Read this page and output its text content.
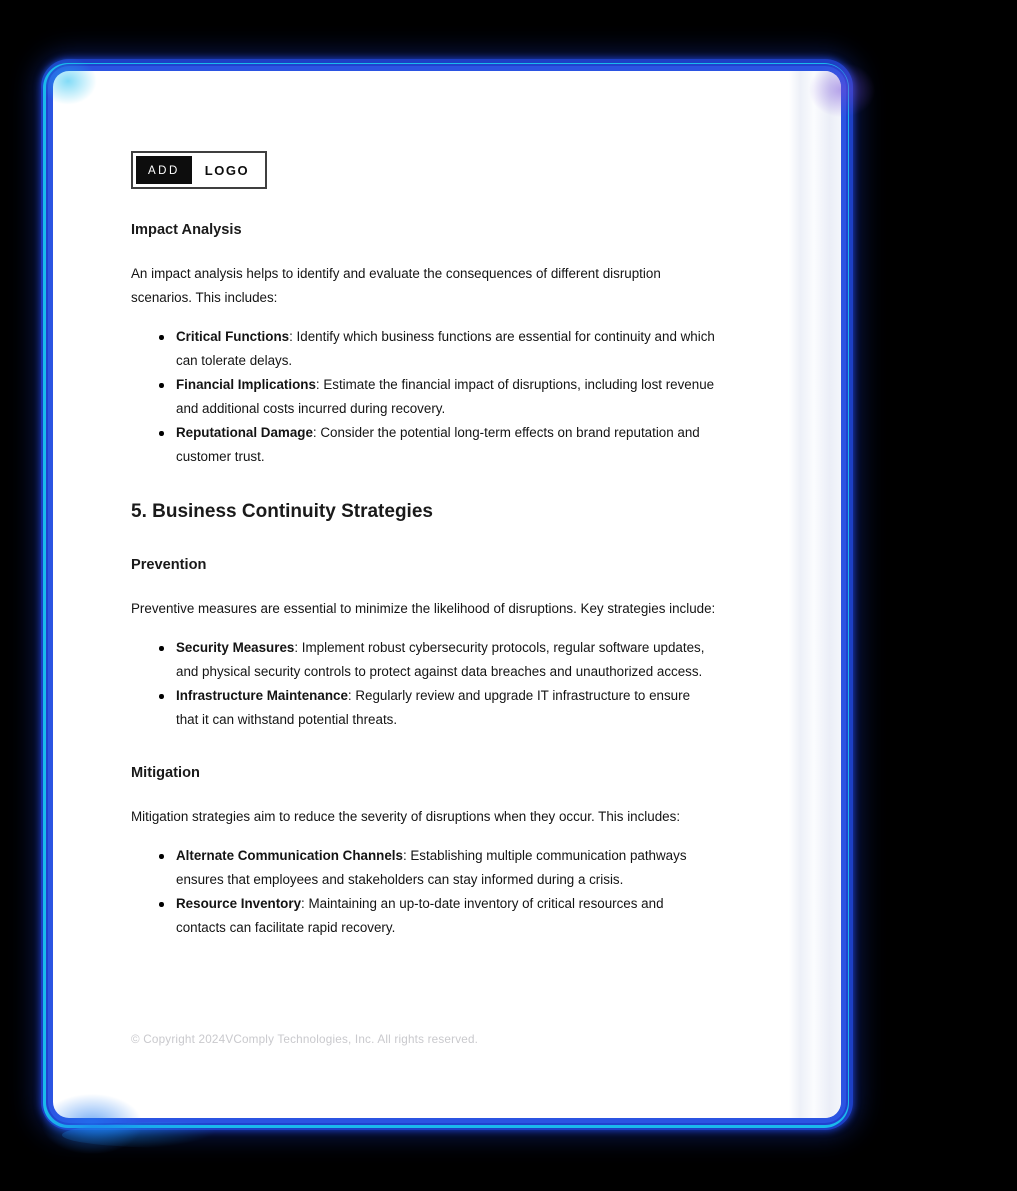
ADD	LOGO
Impact Analysis

An impact analysis helps to identify and evaluate the consequences of different disruption scenarios. This includes:

Critical Functions: Identify which business functions are essential for continuity and which can tolerate delays.
Financial Implications: Estimate the financial impact of disruptions, including lost revenue and additional costs incurred during recovery.
Reputational Damage: Consider the potential long-term effects on brand reputation and customer trust.
5. Business Continuity Strategies
Prevention

Preventive measures are essential to minimize the likelihood of disruptions. Key strategies include:

Security Measures: Implement robust cybersecurity protocols, regular software updates, and physical security controls to protect against data breaches and unauthorized access.
Infrastructure Maintenance: Regularly review and upgrade IT infrastructure to ensure that it can withstand potential threats.
Mitigation

Mitigation strategies aim to reduce the severity of disruptions when they occur. This includes:

Alternate Communication Channels: Establishing multiple communication pathways ensures that employees and stakeholders can stay informed during a crisis.
Resource Inventory: Maintaining an up-to-date inventory of critical resources and contacts can facilitate rapid recovery.
© Copyright 2024VComply Technologies, Inc. All rights reserved.
